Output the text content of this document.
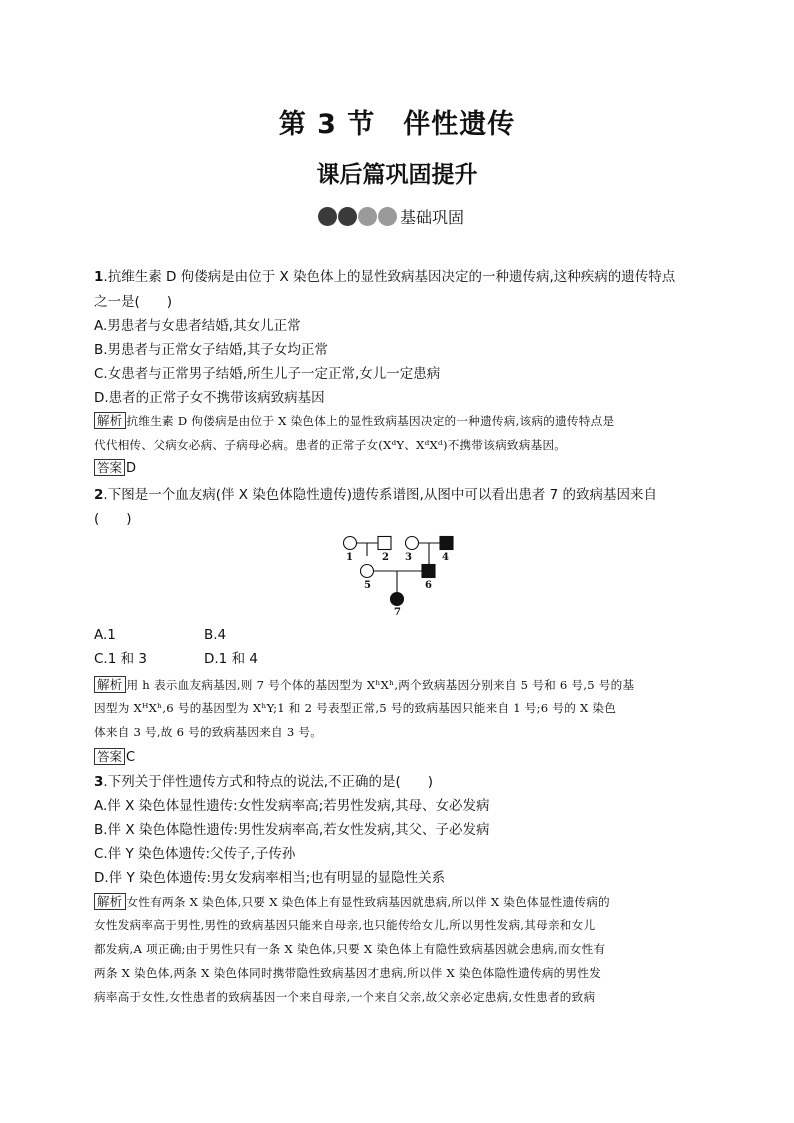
第 3 节　伴性遗传
课后篇巩固提升
基础巩固
1.抗维生素 D 佝偻病是由位于 X 染色体上的显性致病基因决定的一种遗传病,这种疾病的遗传特点
之一是(　　)
A.男患者与女患者结婚,其女儿正常
B.男患者与正常女子结婚,其子女均正常
C.女患者与正常男子结婚,所生儿子一定正常,女儿一定患病
D.患者的正常子女不携带该病致病基因
解析 抗维生素 D 佝偻病是由位于 X 染色体上的显性致病基因决定的一种遗传病,该病的遗传特点是
代代相传、父病女必病、子病母必病。患者的正常子女(XᵈY、XᵈXᵈ)不携带该病致病基因。
答案 D
2.下图是一个血友病(伴 X 染色体隐性遗传)遗传系谱图,从图中可以看出患者 7 的致病基因来自
(　　)
1	2 3	4
5	6
7
A.1	B.4
C.1 和 3	D.1 和 4
解析 用 h 表示血友病基因,则 7 号个体的基因型为 XʰXʰ,两个致病基因分别来自 5 号和 6 号,5 号的基
因型为 XᴴXʰ,6 号的基因型为 XʰY;1 和 2 号表型正常,5 号的致病基因只能来自 1 号;6 号的 X 染色
体来自 3 号,故 6 号的致病基因来自 3 号。
答案 C
3.下列关于伴性遗传方式和特点的说法,不正确的是(　　)
A.伴 X 染色体显性遗传:女性发病率高;若男性发病,其母、女必发病
B.伴 X 染色体隐性遗传:男性发病率高,若女性发病,其父、子必发病
C.伴 Y 染色体遗传:父传子,子传孙
D.伴 Y 染色体遗传:男女发病率相当;也有明显的显隐性关系
解析 女性有两条 X 染色体,只要 X 染色体上有显性致病基因就患病,所以伴 X 染色体显性遗传病的
女性发病率高于男性,男性的致病基因只能来自母亲,也只能传给女儿,所以男性发病,其母亲和女儿
都发病,A 项正确;由于男性只有一条 X 染色体,只要 X 染色体上有隐性致病基因就会患病,而女性有
两条 X 染色体,两条 X 染色体同时携带隐性致病基因才患病,所以伴 X 染色体隐性遗传病的男性发
病率高于女性,女性患者的致病基因一个来自母亲,一个来自父亲,故父亲必定患病,女性患者的致病
